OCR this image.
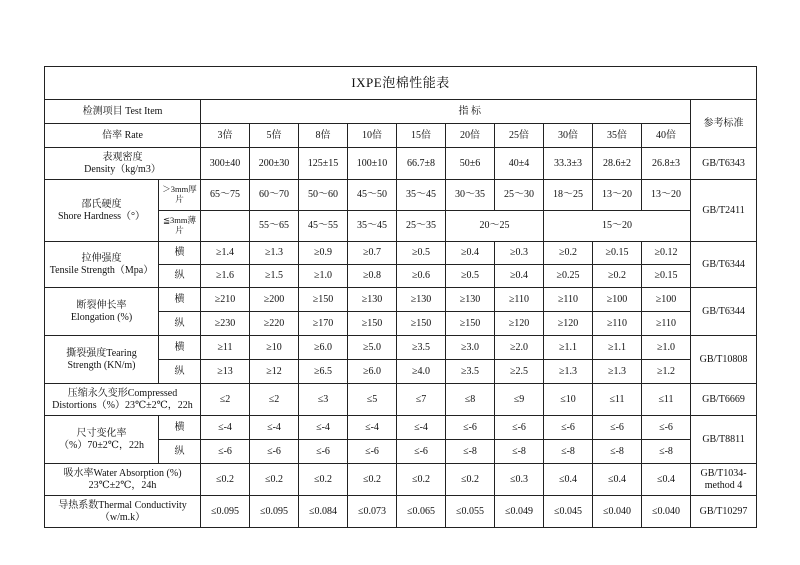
IXPE泡棉性能表												
检测项目 Test Item			指 标									参考标准
倍率 Rate		3倍	5倍	8倍	10倍	15倍	20倍	25倍	30倍	35倍	40倍	

表观密度
Density（kg/m3）		300±40	200±30	125±15	100±10	66.7±8	50±6	40±4	33.3±3	28.6±2	26.8±3	GB/T6343

邵氏硬度
Shore Hardness（°）	＞3mm厚片	65～75	60～70	50～60	45～50	35～45	30～35	25～30	18～25	13～20	13～20	GB/T2411
	≦3mm薄片		55～65	45～55	35～45	25～35	20～25		15～20			

拉伸强度
Tensile Strength（Mpa）	横	≥1.4	≥1.3	≥0.9	≥0.7	≥0.5	≥0.4	≥0.3	≥0.2	≥0.15	≥0.12	GB/T6344
	纵	≥1.6	≥1.5	≥1.0	≥0.8	≥0.6	≥0.5	≥0.4	≥0.25	≥0.2	≥0.15	

断裂伸长率
Elongation (%)	横	≥210	≥200	≥150	≥130	≥130	≥130	≥110	≥110	≥100	≥100	GB/T6344
	纵	≥230	≥220	≥170	≥150	≥150	≥150	≥120	≥120	≥110	≥110	

撕裂强度Tearing
Strength (KN/m)	横	≥11	≥10	≥6.0	≥5.0	≥3.5	≥3.0	≥2.0	≥1.1	≥1.1	≥1.0	GB/T10808
	纵	≥13	≥12	≥6.5	≥6.0	≥4.0	≥3.5	≥2.5	≥1.3	≥1.3	≥1.2	

压缩永久变形Compressed
Distortions（%）23℃±2℃，22h		≤2	≤2	≤3	≤5	≤7	≤8	≤9	≤10	≤11	≤11	GB/T6669

尺寸变化率
（%）70±2℃，22h	横	≤-4	≤-4	≤-4	≤-4	≤-4	≤-6	≤-6	≤-6	≤-6	≤-6	GB/T8811
	纵	≤-6	≤-6	≤-6	≤-6	≤-6	≤-8	≤-8	≤-8	≤-8	≤-8	

吸水率Water Absorption (%)
23℃±2℃，24h		≤0.2	≤0.2	≤0.2	≤0.2	≤0.2	≤0.2	≤0.3	≤0.4	≤0.4	≤0.4	GB/T1034-
method 4

导热系数Thermal Conductivity
（w/m.k）		≤0.095	≤0.095	≤0.084	≤0.073	≤0.065	≤0.055	≤0.049	≤0.045	≤0.040	≤0.040	GB/T10297
